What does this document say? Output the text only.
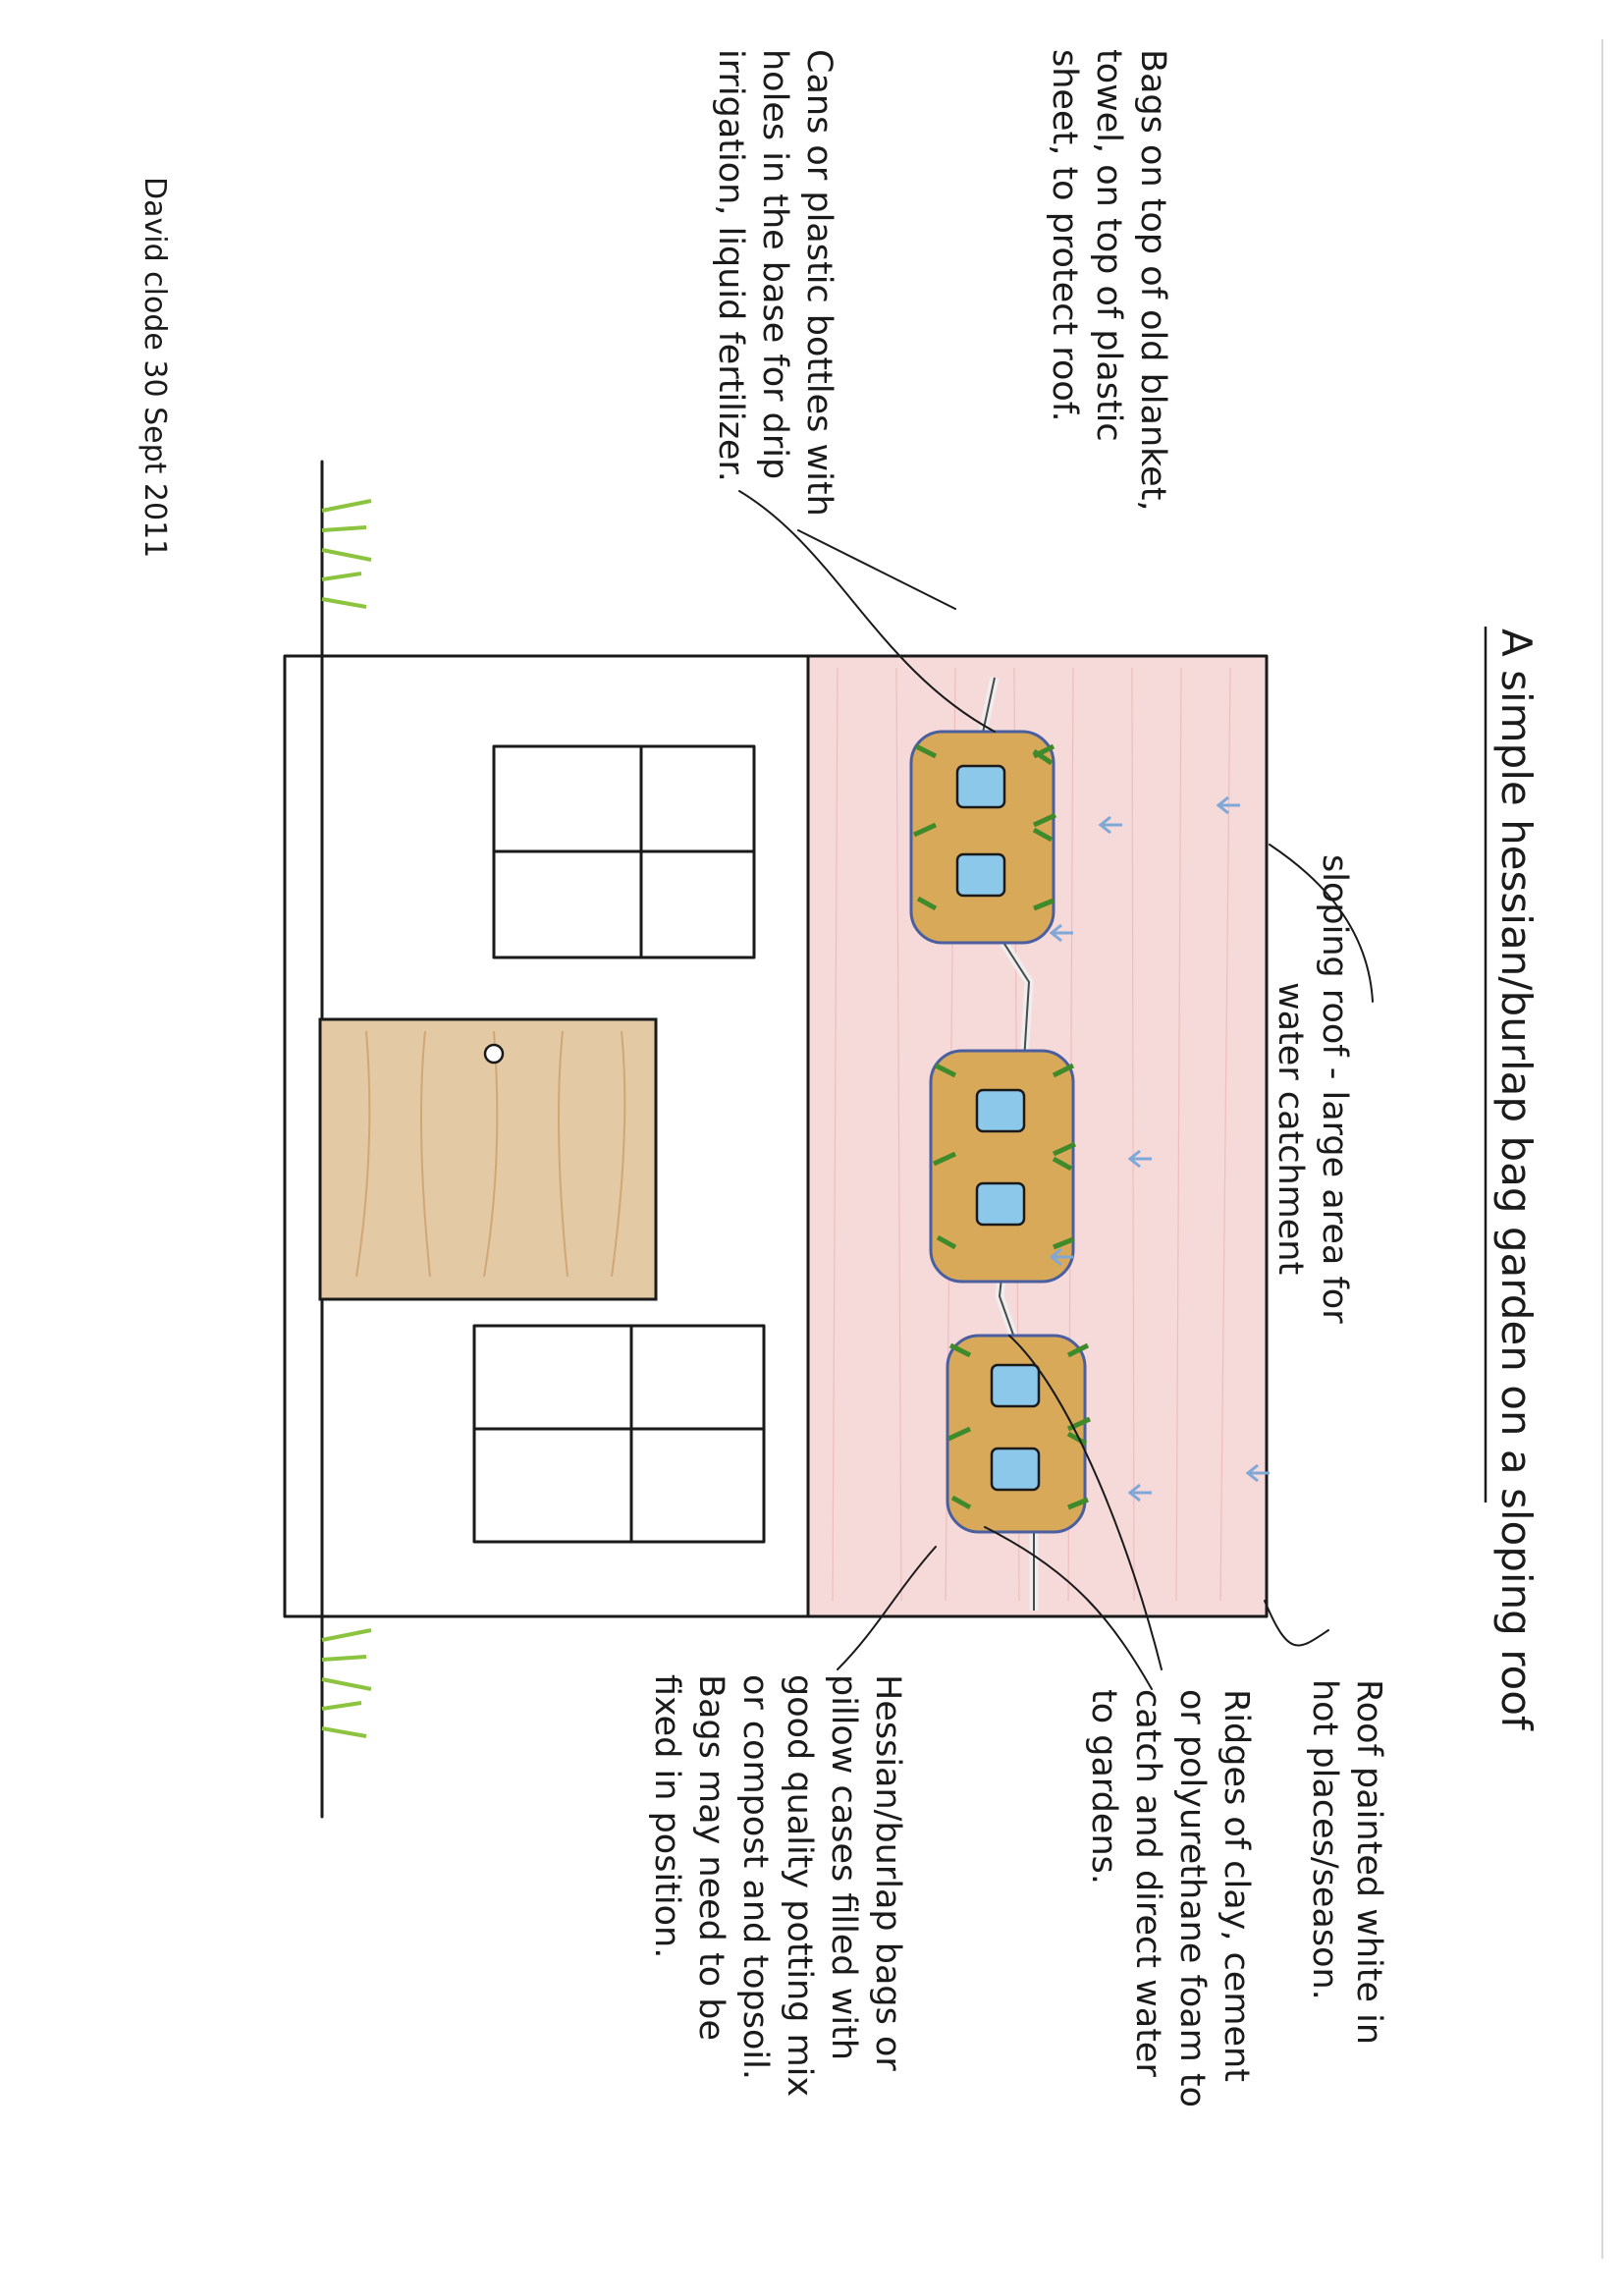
A simple hessian/burlap bag garden on a sloping roof
sloping roof - large area for
water catchment
Roof painted white in
hot places/season.
Ridges of clay, cement
or polyurethane foam to
catch and direct water
to gardens.
Hessian/burlap bags or
pillow cases filled with
good quality potting mix
or compost and topsoil.
Bags may need to be
fixed in position.
Bags on top of old blanket,
towel, on top of plastic
sheet, to protect roof.
Cans or plastic bottles with
holes in the base for drip
irrigation, liquid fertilizer.
David clode 30 Sept 2011
